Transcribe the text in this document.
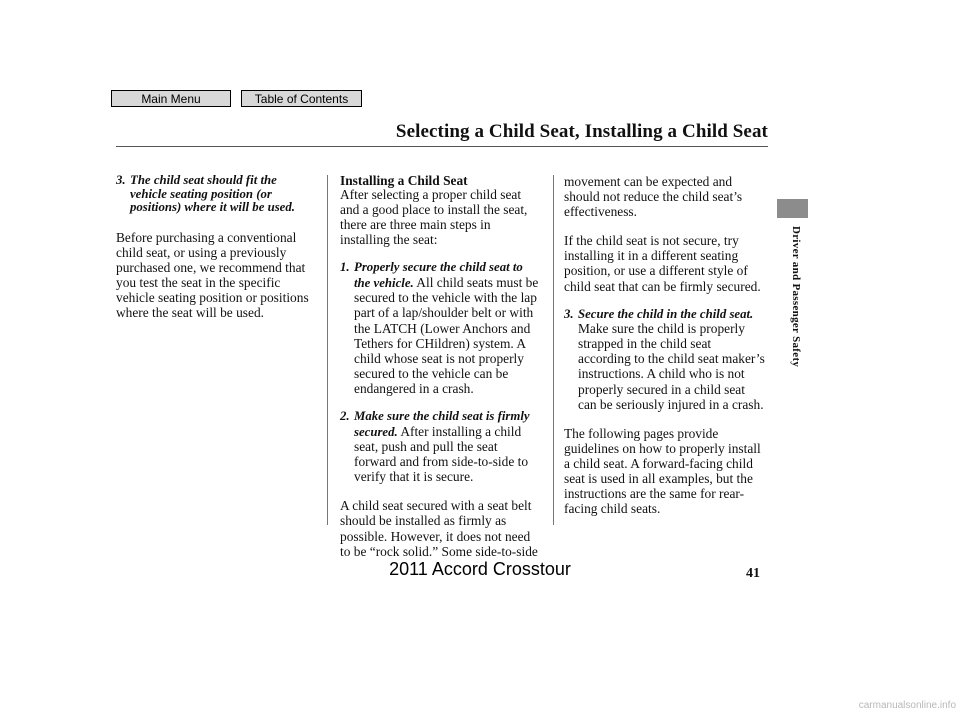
Main Menu	Table of Contents
Selecting a Child Seat, Installing a Child Seat
Driver and Passenger Safety
3. The child seat should fit the
vehicle seating position (or
positions) where it will be used.
Before purchasing a conventional
child seat, or using a previously
purchased one, we recommend that
you test the seat in the specific
vehicle seating position or positions
where the seat will be used.
Installing a Child Seat
After selecting a proper child seat
and a good place to install the seat,
there are three main steps in
installing the seat:
1. Properly secure the child seat to
the vehicle. All child seats must be
secured to the vehicle with the lap
part of a lap/shoulder belt or with
the LATCH (Lower Anchors and
Tethers for CHildren) system. A
child whose seat is not properly
secured to the vehicle can be
endangered in a crash.
2. Make sure the child seat is firmly
secured. After installing a child
seat, push and pull the seat
forward and from side-to-side to
verify that it is secure.
A child seat secured with a seat belt
should be installed as firmly as
possible. However, it does not need
to be “rock solid.” Some side-to-side
movement can be expected and
should not reduce the child seat’s
effectiveness.
If the child seat is not secure, try
installing it in a different seating
position, or use a different style of
child seat that can be firmly secured.
3. Secure the child in the child seat.
Make sure the child is properly
strapped in the child seat
according to the child seat maker’s
instructions. A child who is not
properly secured in a child seat
can be seriously injured in a crash.
The following pages provide
guidelines on how to properly install
a child seat. A forward-facing child
seat is used in all examples, but the
instructions are the same for rear-
facing child seats.
41
2011 Accord Crosstour
carmanualsonline.info
